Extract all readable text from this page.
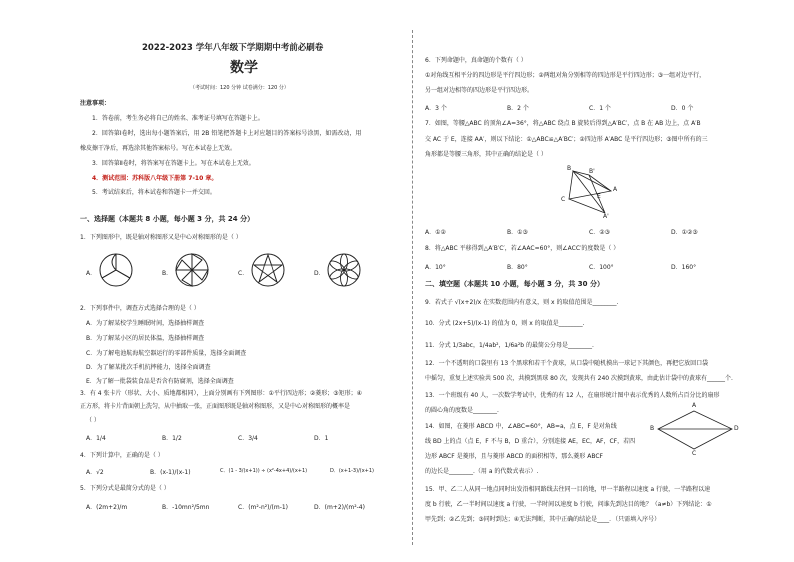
2022-2023 学年八年级下学期期中考前必刷卷
数学
（考试时间：120 分钟 试卷满分：120 分）
注意事项：
1．答卷前，考生务必将自己的姓名、准考证号填写在答题卡上。
2．回答第Ⅰ卷时，选出每小题答案后，用 2B 铅笔把答题卡上对应题目的答案标号涂黑，如需改动，用
橡皮擦干净后，再选涂其他答案标号。写在本试卷上无效。
3．回答第Ⅱ卷时，将答案写在答题卡上。写在本试卷上无效。
4．测试范围：苏科版八年级下册第 7-10 章。
5．考试结束后，将本试卷和答题卡一并交回。
一、选择题（本题共 8 小题，每小题 3 分，共 24 分）
1．下列图形中，既是轴对称图形又是中心对称图形的是（ ）
A．	B．	C．	D．
2．下列事件中，调查方式选择合理的是（ ）
A．为了解某校学生睡眠时间，选择抽样调查
B．为了解某小区的居民体温，选择抽样调查
C．为了解电池航海航空器运行的零部件质量，选择全面调查
D．为了解某批次手机抗摔能力，选择全面调查
E．为了解一批袋装食品是否含有防腐剂，选择全面调查
3．有 4 张卡片（形状、大小、质地都相同），上面分别画有下列图形：①平行四边形；②菱形；③矩形；④
正方形，将卡片背面朝上洗匀，从中抽取一张，正面图形既是轴对称图形，又是中心对称图形的概率是
（ ）
A．1/4	B．1/2	C．3/4	D．1
4．下列计算中，正确的是（ ）
A．√2	B．(x-1)/(x-1)	C．(1 - 3/(x+1)) ÷ (x²-4x+4)/(x+1)	D．(x+1-3)/(x+1)
5．下列分式是最简分式的是（ ）
A．(2m+2)/m	B．-10mn²/5mn	C．(m²-n²)/(m-1)	D．(m+2)/(m²-4)
6．下列命题中，真命题的个数有（ ）
①对角线互相平分的四边形是平行四边形；②两组对角分别相等的四边形是平行四边形；③一组对边平行，
另一组对边相等的四边形是平行四边形。
A．3 个	B．2 个	C．1 个	D．0 个
7．如图，等腰△ABC 的顶角∠A=36°，将△ABC 绕点 B 旋转后得到△A′BC′，点 B 在 AB 边上，点 A′B
交 AC 于 E，连接 AA′，则以下结论：①△ABC≌△A′BC′；②四边形 A′ABC 是平行四边形；③图中所有的三
角形都是等腰三角形，其中正确的结论是（ ）
B	B'
A
C	E
A'
A．①②	B．①③	C．②③	D．①②③
8．将△ABC 平移得到△A′B′C′，若∠AAC=60°，则∠ACC′的度数是（ ）
A．10°	B．80°	C．100°	D．160°
二、填空题（本题共 10 小题，每小题 3 分，共 30 分）
9．若式子 √(x+2)/x 在实数范围内有意义，则 x 的取值范围是________.
10．分式 (2x+5)/(x-1) 的值为 0，则 x 的取值是________.
11．分式 1/3abc，1/4ab²，1/6a²b 的最简公分母是________.
12．一个不透明的口袋里有 13 个黑球和若干个黄球，从口袋中随机摸出一球记下其颜色，再把它放回口袋
中摇匀，重复上述实验共 500 次，共摸到黑球 80 次，发现共有 240 次摸到黄球，由此估计袋中的黄球有______个.
13．一个班级有 40 人，一次数学考试中，优秀的有 12 人，在扇形统计图中表示优秀的人数所占百分比的扇形
的圆心角的度数是________.
14．如图，在菱形 ABCD 中，∠ABC=60°，AB=a，点 E，F 是对角线
线 BD 上的点（点 E，F 不与 B，D 重合），分别连接 AE，EC，AF，CF，若四
边形 ABCF 是菱形，且与菱形 ABCD 的面积相等，那么菱形 ABCF
的边长是________.（用 a 的代数式表示）.
A
B
C
D
15．甲、乙二人从同一地点同时出发沿相同路线去往同一目的地，甲一半路程以速度 a 行驶，一半路程以速
度 b 行驶，乙一半时间以速度 a 行驶，一半时间以速度 b 行驶，问谁先到达目的地？（a≠b）下列结论：①
甲先到；②乙先到；③同时到达；④无法判断，其中正确的结论是____．（只需填入序号）
